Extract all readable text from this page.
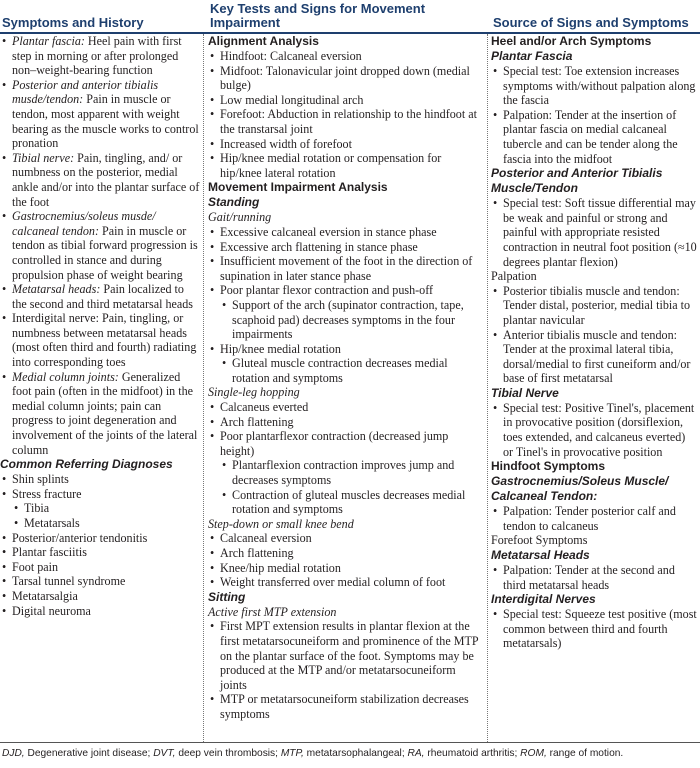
Symptoms and History
Key Tests and Signs for Movement Impairment	Source of Signs and Symptoms
• Plantar fascia: Heel pain with first step in morning or after prolonged non–weight-bearing function
• Posterior and anterior tibialis musde/tendon: Pain in muscle or tendon, most apparent with weight bearing as the muscle works to control pronation
• Tibial nerve: Pain, tingling, and/ or numbness on the posterior, medial ankle and/or into the plantar surface of the foot
• Gastrocnemius/soleus musde/ calcaneal tendon: Pain in muscle or tendon as tibial forward progression is controlled in stance and during propulsion phase of weight bearing
• Metatarsal heads: Pain localized to the second and third metatarsal heads
• Interdigital nerve: Pain, tingling, or numbness between metatarsal heads (most often third and fourth) radiating into corresponding toes
• Medial column joints: Generalized foot pain (often in the midfoot) in the medial column joints; pain can progress to joint degeneration and involvement of the joints of the lateral column
Common Referring Diagnoses
• Shin splints
• Stress fracture
• Tibia
• Metatarsals
• Posterior/anterior tendonitis
• Plantar fasciitis
• Foot pain
• Tarsal tunnel syndrome
• Metatarsalgia
• Digital neuroma
Alignment Analysis
• Hindfoot: Calcaneal eversion
• Midfoot: Talonavicular joint dropped down (medial bulge)
• Low medial longitudinal arch
• Forefoot: Abduction in relationship to the hindfoot at the transtarsal joint
• Increased width of forefoot
• Hip/knee medial rotation or compensation for hip/knee lateral rotation
Movement Impairment Analysis
Standing
Gait/running
• Excessive calcaneal eversion in stance phase
• Excessive arch flattening in stance phase
• Insufficient movement of the foot in the direction of supination in later stance phase
• Poor plantar flexor contraction and push-off
• Support of the arch (supinator contraction, tape, scaphoid pad) decreases symptoms in the four impairments
• Hip/knee medial rotation
• Gluteal muscle contraction decreases medial rotation and symptoms
Single-leg hopping
• Calcaneus everted
• Arch flattening
• Poor plantarflexor contraction (decreased jump height)
• Plantarflexion contraction improves jump and decreases symptoms
• Contraction of gluteal muscles decreases medial rotation and symptoms
Step-down or small knee bend
• Calcaneal eversion
• Arch flattening
• Knee/hip medial rotation
• Weight transferred over medial column of foot
Sitting
Active first MTP extension
• First MPT extension results in plantar flexion at the first metatarsocuneiform and prominence of the MTP on the plantar surface of the foot. Symptoms may be produced at the MTP and/or metatarsocuneiform joints
• MTP or metatarsocuneiform stabilization decreases symptoms
Heel and/or Arch Symptoms
Plantar Fascia
• Special test: Toe extension increases symptoms with/without palpation along the fascia
• Palpation: Tender at the insertion of plantar fascia on medial calcaneal tubercle and can be tender along the fascia into the midfoot
Posterior and Anterior Tibialis Muscle/Tendon
• Special test: Soft tissue differential may be weak and painful or strong and painful with appropriate resisted contraction in neutral foot position (≈10 degrees plantar flexion)
Palpation
• Posterior tibialis muscle and tendon: Tender distal, posterior, medial tibia to plantar navicular
• Anterior tibialis muscle and tendon: Tender at the proximal lateral tibia, dorsal/medial to first cuneiform and/or base of first metatarsal
Tibial Nerve
• Special test: Positive Tinel's, placement in provocative position (dorsiflexion, toes extended, and calcaneus everted) or Tinel's in provocative position
Hindfoot Symptoms
Gastrocnemius/Soleus Muscle/ Calcaneal Tendon:
• Palpation: Tender posterior calf and tendon to calcaneus
Forefoot Symptoms
Metatarsal Heads
• Palpation: Tender at the second and third metatarsal heads
Interdigital Nerves
• Special test: Squeeze test positive (most common between third and fourth metatarsals)
DJD, Degenerative joint disease; DVT, deep vein thrombosis; MTP, metatarsophalangeal; RA, rheumatoid arthritis; ROM, range of motion.
